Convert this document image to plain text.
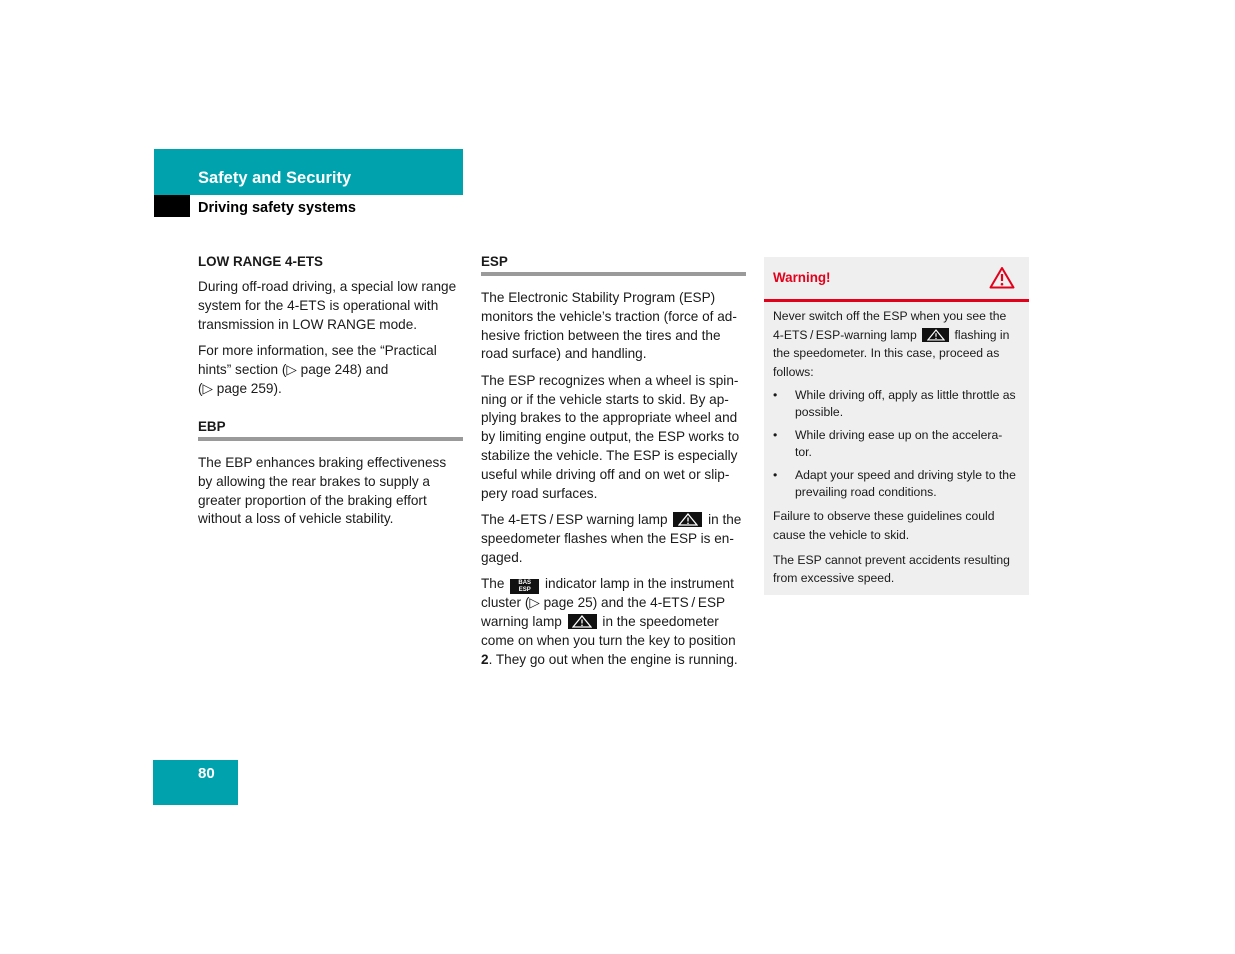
Safety and Security
Driving safety systems
LOW RANGE 4-ETS

During off-road driving, a special low range system for the 4-ETS is operational with transmission in LOW RANGE mode.

For more information, see the “Practical hints” section (▷ page 248) and
(▷ page 259).

EBP

The EBP enhances braking effectiveness by allowing the rear brakes to supply a greater proportion of the braking effort without a loss of vehicle stability.

ESP

The Electronic Stability Program (ESP) monitors the vehicle’s traction (force of ad-hesive friction between the tires and the road surface) and handling.

The ESP recognizes when a wheel is spin-ning or if the vehicle starts to skid. By ap-plying brakes to the appropriate wheel and by limiting engine output, the ESP works to stabilize the vehicle. The ESP is especially useful while driving off and on wet or slip-pery road surfaces.

The 4-ETS / ESP warning lamp	in the speedometer flashes when the ESP is en-gaged.

The BAS
ESP indicator lamp in the instrument cluster (▷ page 25) and the 4-ETS / ESP warning lamp	in the speedometer come on when you turn the key to position 2. They go out when the engine is running.

Warning!

Never switch off the ESP when you see the 4-ETS / ESP-warning lamp	flashing in the speedometer. In this case, proceed as follows:

• While driving off, apply as little throttle as possible.
• While driving ease up on the accelera-tor.
• Adapt your speed and driving style to the prevailing road conditions.

Failure to observe these guidelines could cause the vehicle to skid.

The ESP cannot prevent accidents resulting from excessive speed.

80
